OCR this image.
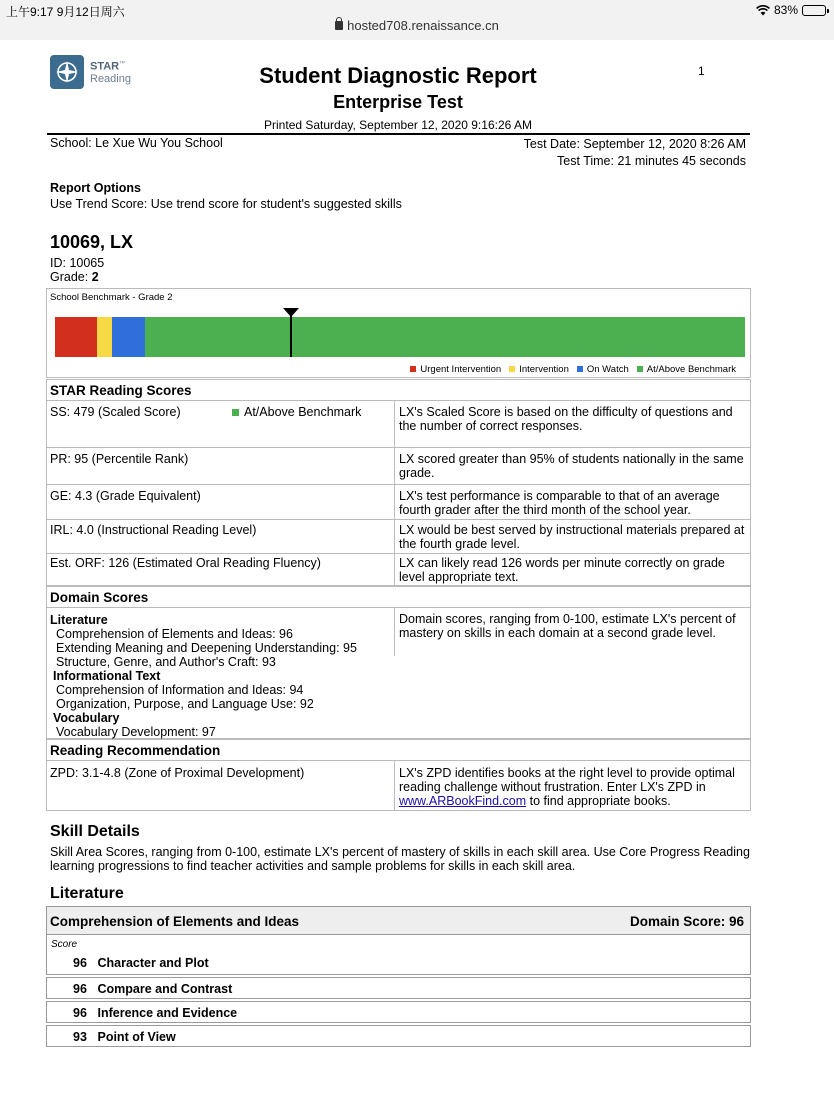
上午9:17 9月12日周六	83%
hosted708.renaissance.cn
STAR™
Reading
1
Student Diagnostic Report
Enterprise Test
Printed Saturday, September 12, 2020 9:16:26 AM
School: Le Xue Wu You School	Test Date: September 12, 2020 8:26 AM
Test Time: 21 minutes 45 seconds
Report Options
Use Trend Score: Use trend score for student's suggested skills
10069, LX
ID: 10065
Grade: 2
School Benchmark - Grade 2
Urgent Intervention	Intervention	On Watch	At/Above Benchmark
STAR Reading Scores
SS: 479 (Scaled Score)	At/Above Benchmark	LX's Scaled Score is based on the difficulty of questions and the number of correct responses.
PR: 95 (Percentile Rank)	LX scored greater than 95% of students nationally in the same grade.
GE: 4.3 (Grade Equivalent)	LX's test performance is comparable to that of an average fourth grader after the third month of the school year.
IRL: 4.0 (Instructional Reading Level)	LX would be best served by instructional materials prepared at the fourth grade level.
Est. ORF: 126 (Estimated Oral Reading Fluency)	LX can likely read 126 words per minute correctly on grade level appropriate text.
Domain Scores
Literature
Comprehension of Elements and Ideas: 96
Extending Meaning and Deepening Understanding: 95
Structure, Genre, and Author's Craft: 93
Informational Text
Comprehension of Information and Ideas: 94
Organization, Purpose, and Language Use: 92
Vocabulary
Vocabulary Development: 97
Domain scores, ranging from 0-100, estimate LX's percent of mastery on skills in each domain at a second grade level.
Reading Recommendation
ZPD: 3.1-4.8 (Zone of Proximal Development)	LX's ZPD identifies books at the right level to provide optimal reading challenge without frustration. Enter LX's ZPD in www.ARBookFind.com to find appropriate books.
Skill Details
Skill Area Scores, ranging from 0-100, estimate LX's percent of mastery of skills in each skill area. Use Core Progress Reading learning progressions to find teacher activities and sample problems for skills in each skill area.
Literature
Comprehension of Elements and Ideas	Domain Score: 96
Score
96 Character and Plot
96 Compare and Contrast
96 Inference and Evidence
93 Point of View
